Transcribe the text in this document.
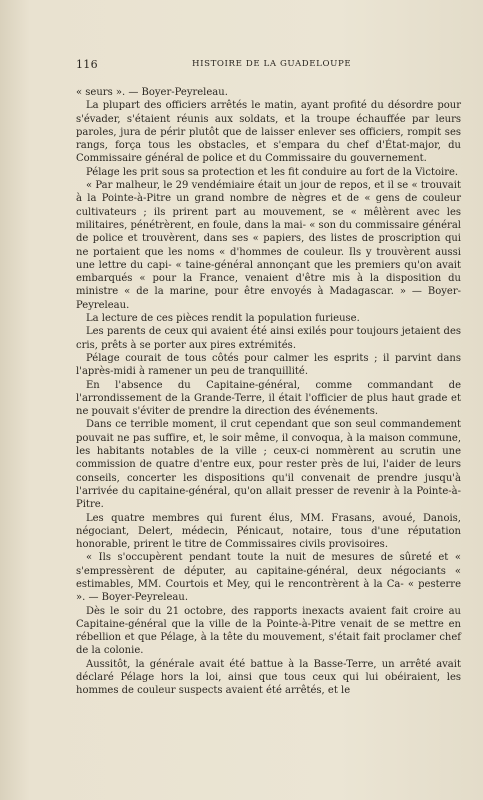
116	HISTOIRE DE LA GUADELOUPE

« seurs ». — Boyer-Peyreleau.

La plupart des officiers arrêtés le matin, ayant profité du désordre pour s'évader, s'étaient réunis aux soldats, et la troupe échauffée par leurs paroles, jura de périr plutôt que de laisser enlever ses officiers, rompit ses rangs, força tous les obstacles, et s'empara du chef d'État-major, du Commissaire général de police et du Commissaire du gouvernement.

Pélage les prit sous sa protection et les fit conduire au fort de la Victoire.

« Par malheur, le 29 vendémiaire était un jour de repos, et il se « trouvait à la Pointe-à-Pitre un grand nombre de nègres et de « gens de couleur cultivateurs ; ils prirent part au mouvement, se « mêlèrent avec les militaires, pénétrèrent, en foule, dans la mai- « son du commissaire général de police et trouvèrent, dans ses « papiers, des listes de proscription qui ne portaient que les noms « d'hommes de couleur. Ils y trouvèrent aussi une lettre du capi- « taine-général annonçant que les premiers qu'on avait embarqués « pour la France, venaient d'être mis à la disposition du ministre « de la marine, pour être envoyés à Madagascar. » — Boyer-Peyreleau.

La lecture de ces pièces rendit la population furieuse.

Les parents de ceux qui avaient été ainsi exilés pour toujours jetaient des cris, prêts à se porter aux pires extrémités.

Pélage courait de tous côtés pour calmer les esprits ; il parvint dans l'après-midi à ramener un peu de tranquillité.

En l'absence du Capitaine-général, comme commandant de l'arrondissement de la Grande-Terre, il était l'officier de plus haut grade et ne pouvait s'éviter de prendre la direction des événements.

Dans ce terrible moment, il crut cependant que son seul commandement pouvait ne pas suffire, et, le soir même, il convoqua, à la maison commune, les habitants notables de la ville ; ceux-ci nommèrent au scrutin une commission de quatre d'entre eux, pour rester près de lui, l'aider de leurs conseils, concerter les dispositions qu'il convenait de prendre jusqu'à l'arrivée du capitaine-général, qu'on allait presser de revenir à la Pointe-à-Pitre.

Les quatre membres qui furent élus, MM. Frasans, avoué, Danois, négociant, Delert, médecin, Pénicaut, notaire, tous d'une réputation honorable, prirent le titre de Commissaires civils provisoires.

« Ils s'occupèrent pendant toute la nuit de mesures de sûreté et « s'empressèrent de députer, au capitaine-général, deux négociants « estimables, MM. Courtois et Mey, qui le rencontrèrent à la Ca- « pesterre ». — Boyer-Peyreleau.

Dès le soir du 21 octobre, des rapports inexacts avaient fait croire au Capitaine-général que la ville de la Pointe-à-Pitre venait de se mettre en rébellion et que Pélage, à la tête du mouvement, s'était fait proclamer chef de la colonie.

Aussitôt, la générale avait été battue à la Basse-Terre, un arrêté avait déclaré Pélage hors la loi, ainsi que tous ceux qui lui obéiraient, les hommes de couleur suspects avaient été arrêtés, et le
